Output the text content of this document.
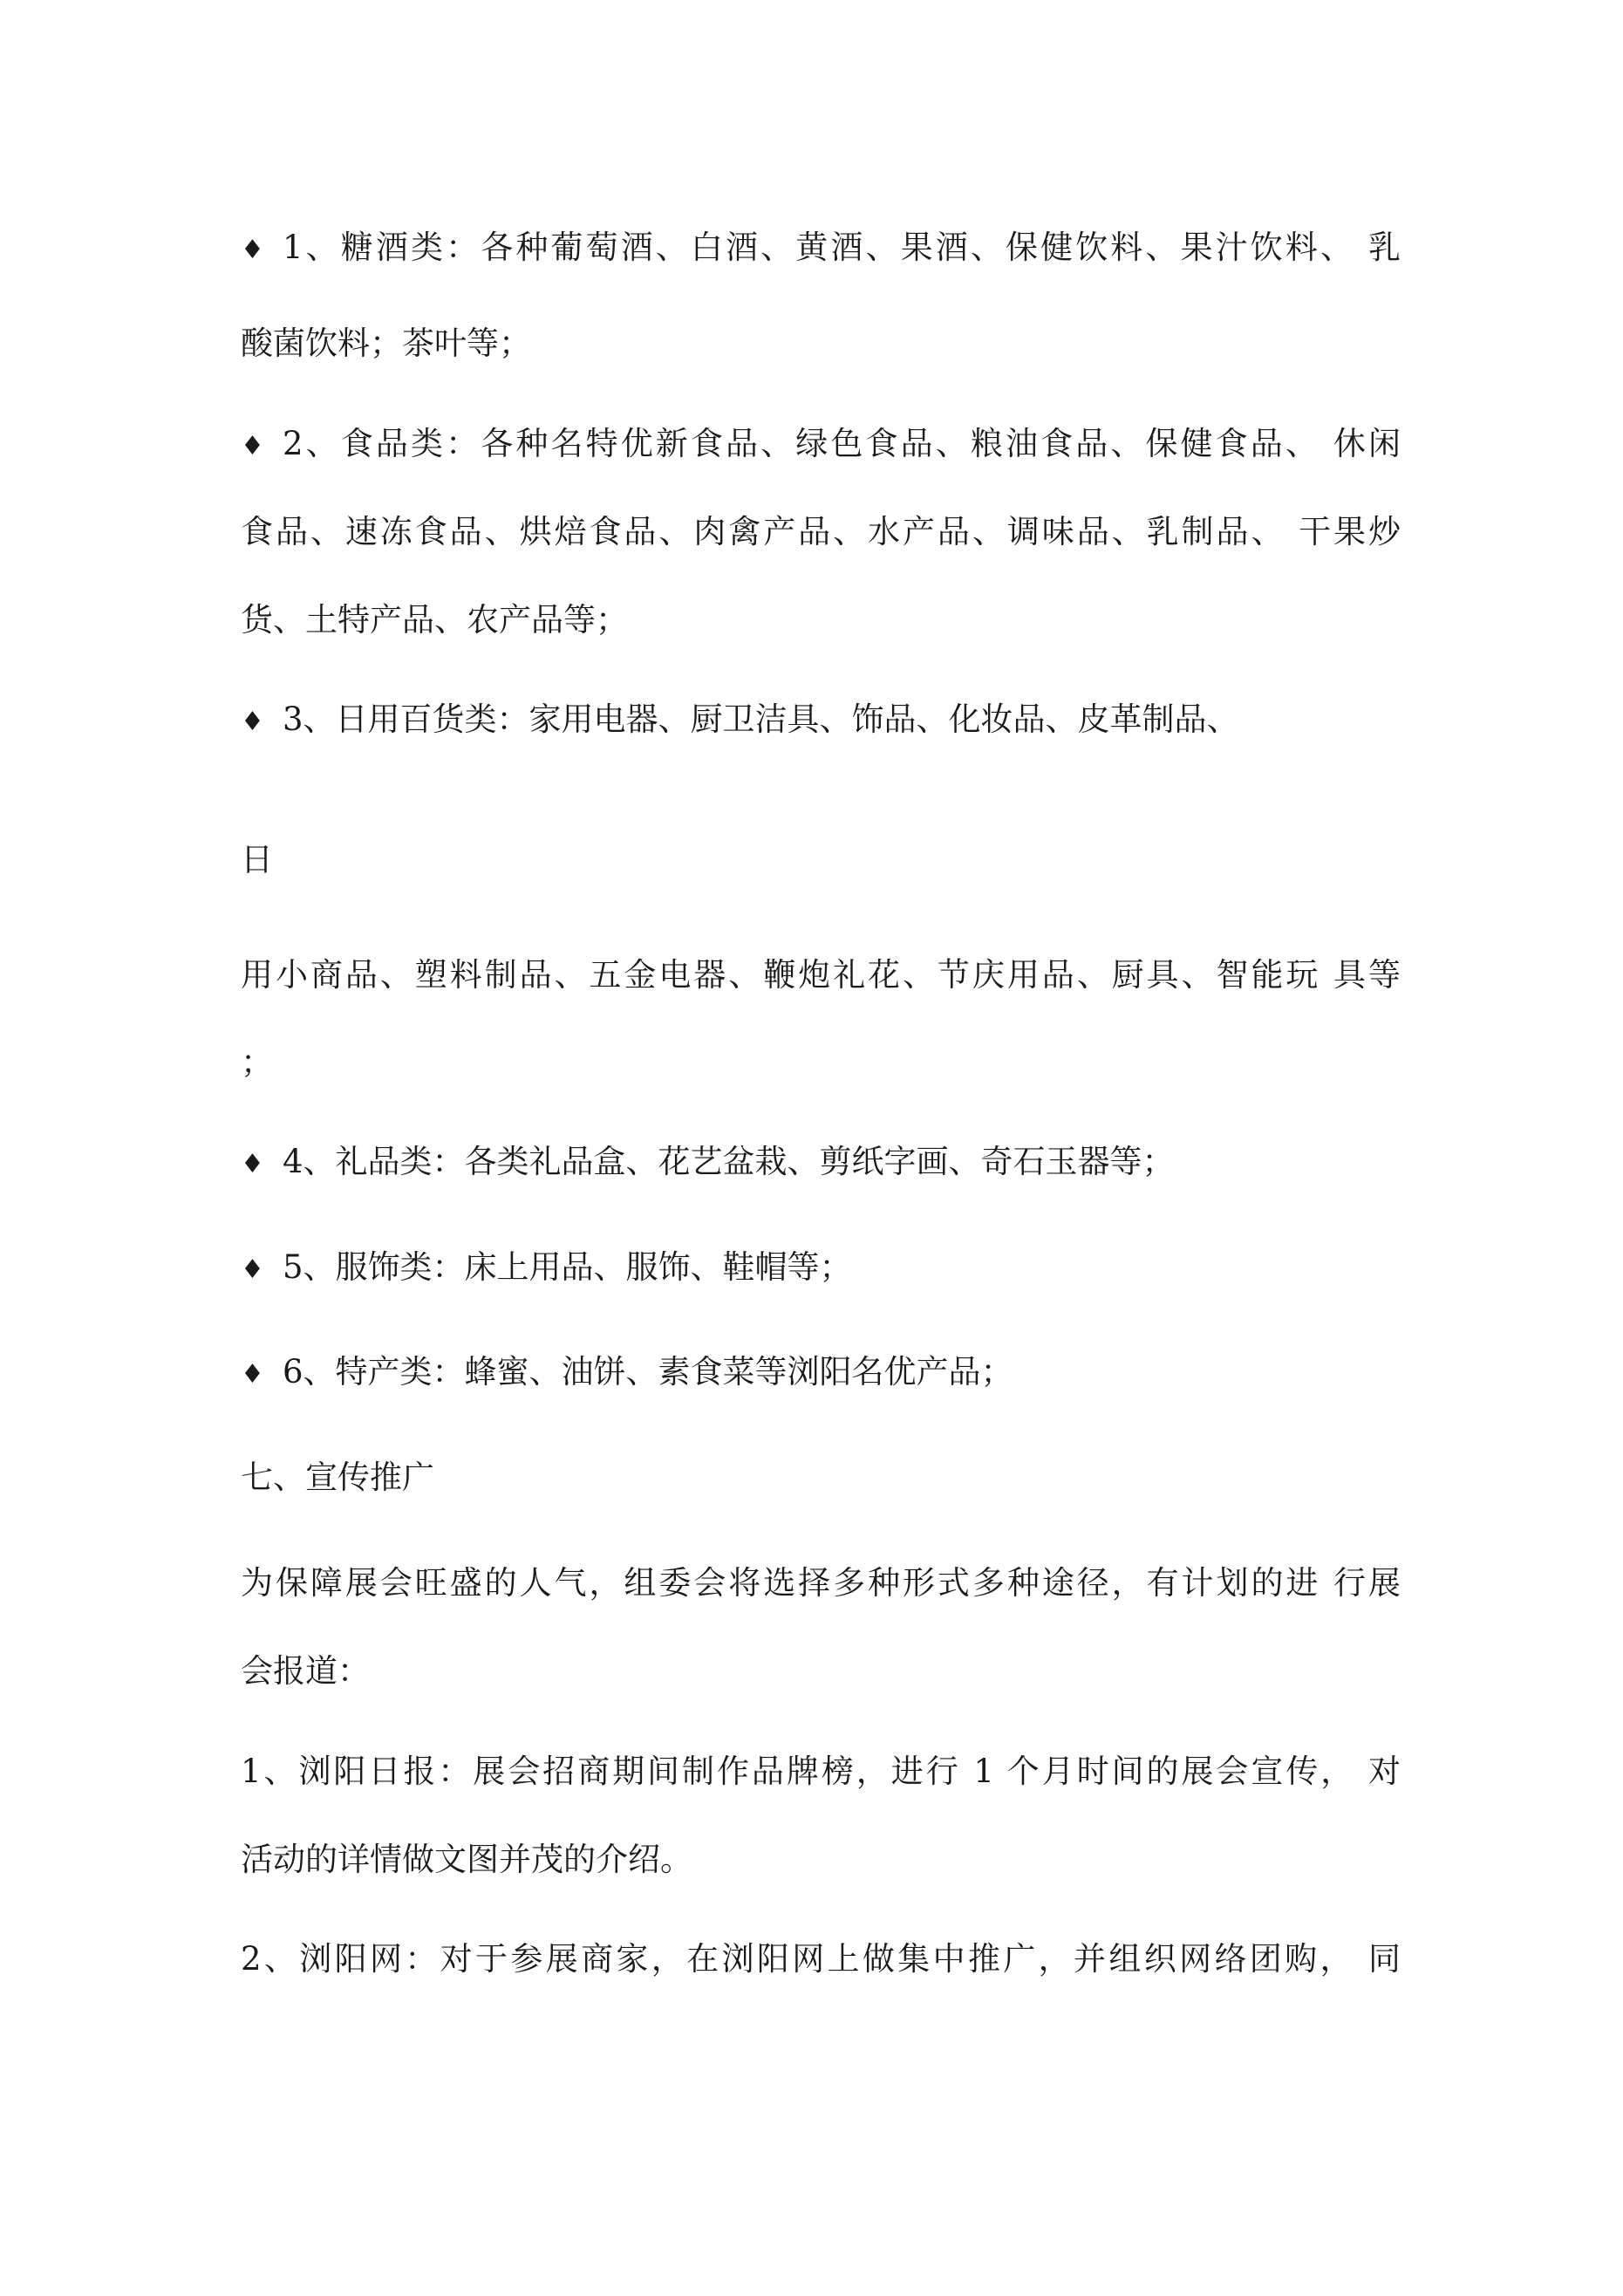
♦ 1、糖酒类：各种葡萄酒、白酒、黄酒、果酒、保健饮料、果汁饮料、 乳
酸菌饮料；茶叶等；
♦ 2、食品类：各种名特优新食品、绿色食品、粮油食品、保健食品、 休闲
食品、速冻食品、烘焙食品、肉禽产品、水产品、调味品、乳制品、 干果炒
货、土特产品、农产品等；
♦ 3、日用百货类：家用电器、厨卫洁具、饰品、化妆品、皮革制品、
日
用小商品、塑料制品、五金电器、鞭炮礼花、节庆用品、厨具、智能玩 具等
；
♦ 4、礼品类：各类礼品盒、花艺盆栽、剪纸字画、奇石玉器等；
♦ 5、服饰类：床上用品、服饰、鞋帽等；
♦ 6、特产类：蜂蜜、油饼、素食菜等浏阳名优产品；
七、宣传推广
为保障展会旺盛的人气，组委会将选择多种形式多种途径，有计划的进 行展
会报道：
1、浏阳日报：展会招商期间制作品牌榜，进行 1 个月时间的展会宣传， 对
活动的详情做文图并茂的介绍。
2、浏阳网：对于参展商家，在浏阳网上做集中推广，并组织网络团购， 同
